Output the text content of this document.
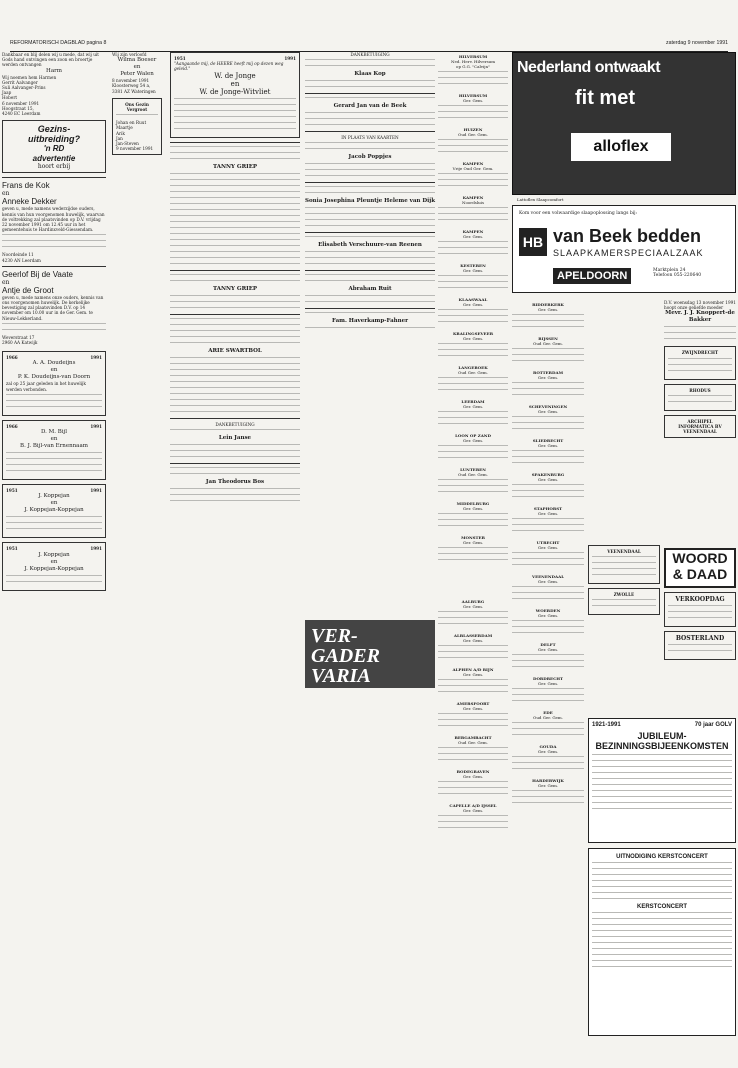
REFORMATORISCH DAGBLAD pagina 8	zaterdag 9 november 1991

Dankbaar en blij delen wij u mede, dat wij uit Gods hand ontvingen een zoon en broertje werden ontvangen

Harm

Wij noemen hem Harmen
Gerrit Aalvanger
Suli Aalvanger-Prins
Jaap
Hobert

6 november 1991
Hoogstraat 15,
4240 EC Leerdam

Gezins-
uitbreiding?

'n RD
advertentie

hoort erbij

Frans de Kok

en

Anneke Dekker

geven u, mede namens wederzijdse ouders, kennis van hun voorgenomen huwelijk, waarvan de voltrekking zal plaatsvinden op D.V. vrijdag 22 november 1991 om 12.45 uur in het gemeentehuis te Hardinxveld-Giessendam.

Noordeinde 11
4230 AN Leerdam

Geerlof Bij de Vaate

en

Antje de Groot

geven u, mede namens onze ouders, kennis van ons voorgenomen huwelijk. De kerkelijke bevestiging zal plaatsvinden D.V. op 14 november om 10.00 uur in de Ger. Gem. te Nieuw-Lekkerland.

Weverstraat 17
2960 AA Katwijk

1966	1991

A. A. Doudeijns
en
P. K. Doudeijns-van Doorn

zal op 25 jaar geleden in het huwelijk werden verbonden.

1966	1991

D. M. Bijl
en
B. J. Bijl-van Ernennaam

1951	1991

J. Koppejan
en
J. Koppejan-Koppejan

1951	1991

J. Koppejan
en
J. Koppejan-Koppejan

Wij zijn verloofd

Wilma Boeser
en
Peter Walen

8 november 1991

Kloosterweg 54 a,
3381 AZ Wateringen

Ons Gezin
Vergroot

Johan en Ruut
Maartje
Arik
Jan
Jan-Steven

9 november 1991

1951	1991

"Aangaande mij, de HEERE heeft mij op dezen weg geleid."

W. de Jonge
en
W. de Jonge-Witvliet

TANNY GRIEP

TANNY GRIEP

ARIE SWARTBOL

DANKBETUIGING

Lein Janse

Jan Theodorus Bos

DANKBETUIGING

Klaas Kop

Gerard Jan van de Beek

IN PLAATS VAN KAARTEN

Jacob Poppjes

Sonia Josephina Pleuntje Heleme van Dijk

Elisabeth Verschuure-van Reenen

Abraham Ruit

Fam. Haverkamp-Fahner

VER-
GADER
VARIA

HILVERSUM

Ned. Herv. Hilversum
op G.G. "Calvijn"

HILVERSUM

Ger. Gem.

HUIZEN

Oud Ger. Gem.

KAMPEN

Vrije Oud Ger. Gem.

KAMPEN

Noordsluis

KAMPEN

Ger. Gem.

KESTEREN

Ger. Gem.

KLAASWAAL

Ger. Gem.

KRALINGSEVEER

Ger. Gem.

LANGEROEK

Oud Ger. Gem.

LEERDAM

Ger. Gem.

LOON OP ZAND

Ger. Gem.

LUNTEREN

Oud Ger. Gem.

MIDDELBURG

Ger. Gem.

MONSTER

Ger. Gem.

AALBURG

Ger. Gem.

ALBLASSERDAM

Ger. Gem.

ALPHEN A/D RIJN

Ger. Gem.

AMERSFOORT

Ger. Gem.

BERGAMBACHT

Oud Ger. Gem.

BODEGRAVEN

Ger. Gem.

CAPELLE A/D IJSSEL

Ger. Gem.

RIDDERKERK

Ger. Gem.

RIJSSEN

Oud Ger. Gem.

ROTTERDAM

Ger. Gem.

SCHEVENINGEN

Ger. Gem.

SLIEDRECHT

Ger. Gem.

SPAKENBURG

Ger. Gem.

STAPHORST

Ger. Gem.

UTRECHT

Ger. Gem.

VEENENDAAL

Ger. Gem.

WOERDEN

Ger. Gem.

DELFT

Ger. Gem.

DORDRECHT

Ger. Gem.

EDE

Oud Ger. Gem.

GOUDA

Ger. Gem.

HARDERWIJK

Ger. Gem.

Nederland ontwaakt

fit met

alloflex

Lattoflex Slaapcomfort

Kom voor een volwaardige slaapoplossing langs bij:

HB van Beek bedden

SLAAPKAMERSPECIAALZAAK

APELDOORN	Marktplein 24
Telefoon 055-220640

D.V. woensdag 13 november 1991 hoopt onze geliefde moeder

Mevr. J. J. Knoppert-de Bakker

ZWIJNDRECHT

RHODUS

ARCHIPEL
INFORMATICA BV
VEENENDAAL

WOORD
& DAAD

VERKOOPDAG

BOSTERLAND

VEENENDAAL

ZWOLLE

1921-1991	70 jaar GOLV

JUBILEUM-
BEZINNINGSBIJEENKOMSTEN

UITNODIGING KERSTCONCERT

KERSTCONCERT
